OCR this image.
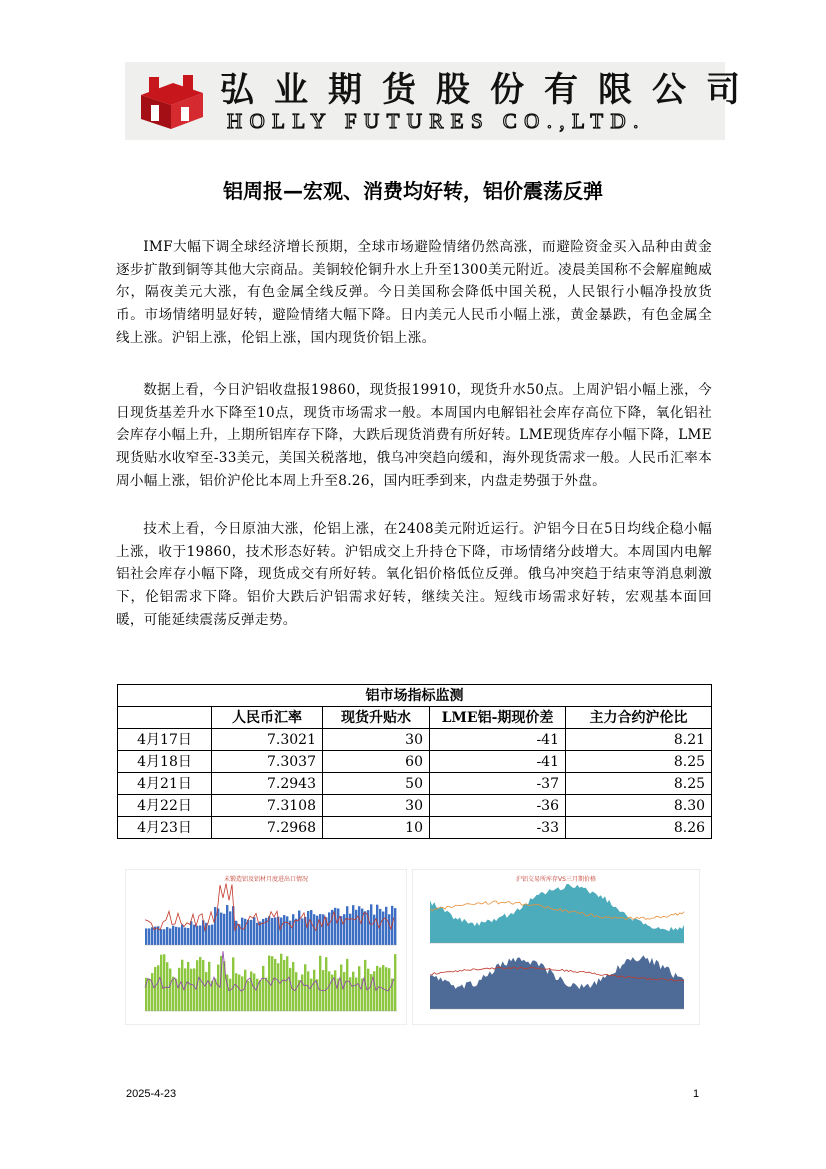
弘业期货股份有限公司
HOLLY FUTURES CO.,LTD.
铝周报—宏观、消费均好转，铝价震荡反弹

IMF大幅下调全球经济增长预期，全球市场避险情绪仍然高涨，而避险资金买入品种由黄金逐步扩散到铜等其他大宗商品。美铜较伦铜升水上升至1300美元附近。凌晨美国称不会解雇鲍威尔，隔夜美元大涨，有色金属全线反弹。今日美国称会降低中国关税，人民银行小幅净投放货币。市场情绪明显好转，避险情绪大幅下降。日内美元人民币小幅上涨，黄金暴跌，有色金属全线上涨。沪铝上涨，伦铝上涨，国内现货价铝上涨。

数据上看，今日沪铝收盘报19860，现货报19910，现货升水50点。上周沪铝小幅上涨，今日现货基差升水下降至10点，现货市场需求一般。本周国内电解铝社会库存高位下降，氧化铝社会库存小幅上升，上期所铝库存下降，大跌后现货消费有所好转。LME现货库存小幅下降，LME现货贴水收窄至-33美元，美国关税落地，俄乌冲突趋向缓和，海外现货需求一般。人民币汇率本周小幅上涨，铝价沪伦比本周上升至8.26，国内旺季到来，内盘走势强于外盘。

技术上看，今日原油大涨，伦铝上涨，在2408美元附近运行。沪铝今日在5日均线企稳小幅上涨，收于19860，技术形态好转。沪铝成交上升持仓下降，市场情绪分歧增大。本周国内电解铝社会库存小幅下降，现货成交有所好转。氧化铝价格低位反弹。俄乌冲突趋于结束等消息刺激下，伦铝需求下降。铝价大跌后沪铝需求好转，继续关注。短线市场需求好转，宏观基本面回暖，可能延续震荡反弹走势。

铝市场指标监测				
	人民币汇率	现货升贴水	LME铝-期现价差	主力合约沪伦比
4月17日	7.3021	30	-41	8.21
4月18日	7.3037	60	-41	8.25
4月21日	7.2943	50	-37	8.25
4月22日	7.3108	30	-36	8.30
4月23日	7.2968	10	-33	8.26
未锻造铝及铝材月度进出口情况	沪铝交易所库存VS三月期价格
2025-4-23	1
